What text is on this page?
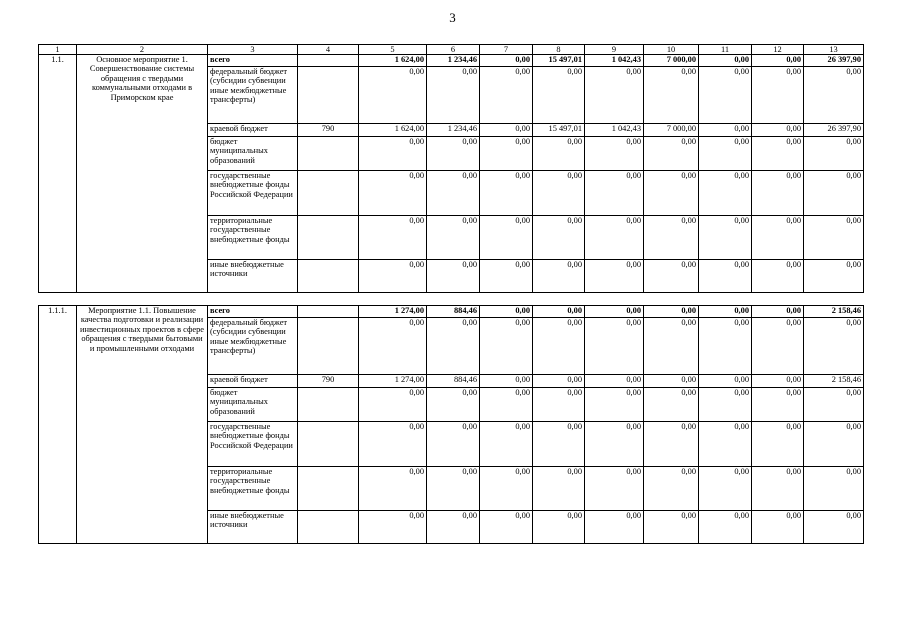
3
1	2	3	4	5	6	7	8	9	10	11	12	13
1.1.	Основное мероприятие 1. Совершенствование системы обращения с твердыми коммунальными отходами в Приморском крае	всего		1 624,00	1 234,46	0,00	15 497,01	1 042,43	7 000,00	0,00	0,00	26 397,90
		федеральный бюджет (субсидии субвенции иные межбюджетные трансферты)		0,00	0,00	0,00	0,00	0,00	0,00	0,00	0,00	0,00
		краевой бюджет	790	1 624,00	1 234,46	0,00	15 497,01	1 042,43	7 000,00	0,00	0,00	26 397,90
		бюджет муниципальных образований		0,00	0,00	0,00	0,00	0,00	0,00	0,00	0,00	0,00
		государственные внебюджетные фонды Российской Федерации		0,00	0,00	0,00	0,00	0,00	0,00	0,00	0,00	0,00
		территориальные государственные внебюджетные фонды		0,00	0,00	0,00	0,00	0,00	0,00	0,00	0,00	0,00
		иные внебюджетные источники		0,00	0,00	0,00	0,00	0,00	0,00	0,00	0,00	0,00

1.1.1.	Мероприятие 1.1. Повышение качества подготовки и реализации инвестиционных проектов в сфере обращения с твердыми бытовыми и промышленными отходами	всего		1 274,00	884,46	0,00	0,00	0,00	0,00	0,00	0,00	2 158,46
		федеральный бюджет (субсидии субвенции иные межбюджетные трансферты)		0,00	0,00	0,00	0,00	0,00	0,00	0,00	0,00	0,00
		краевой бюджет	790	1 274,00	884,46	0,00	0,00	0,00	0,00	0,00	0,00	2 158,46
		бюджет муниципальных образований		0,00	0,00	0,00	0,00	0,00	0,00	0,00	0,00	0,00
		государственные внебюджетные фонды Российской Федерации		0,00	0,00	0,00	0,00	0,00	0,00	0,00	0,00	0,00
		территориальные государственные внебюджетные фонды		0,00	0,00	0,00	0,00	0,00	0,00	0,00	0,00	0,00
		иные внебюджетные источники		0,00	0,00	0,00	0,00	0,00	0,00	0,00	0,00	0,00
